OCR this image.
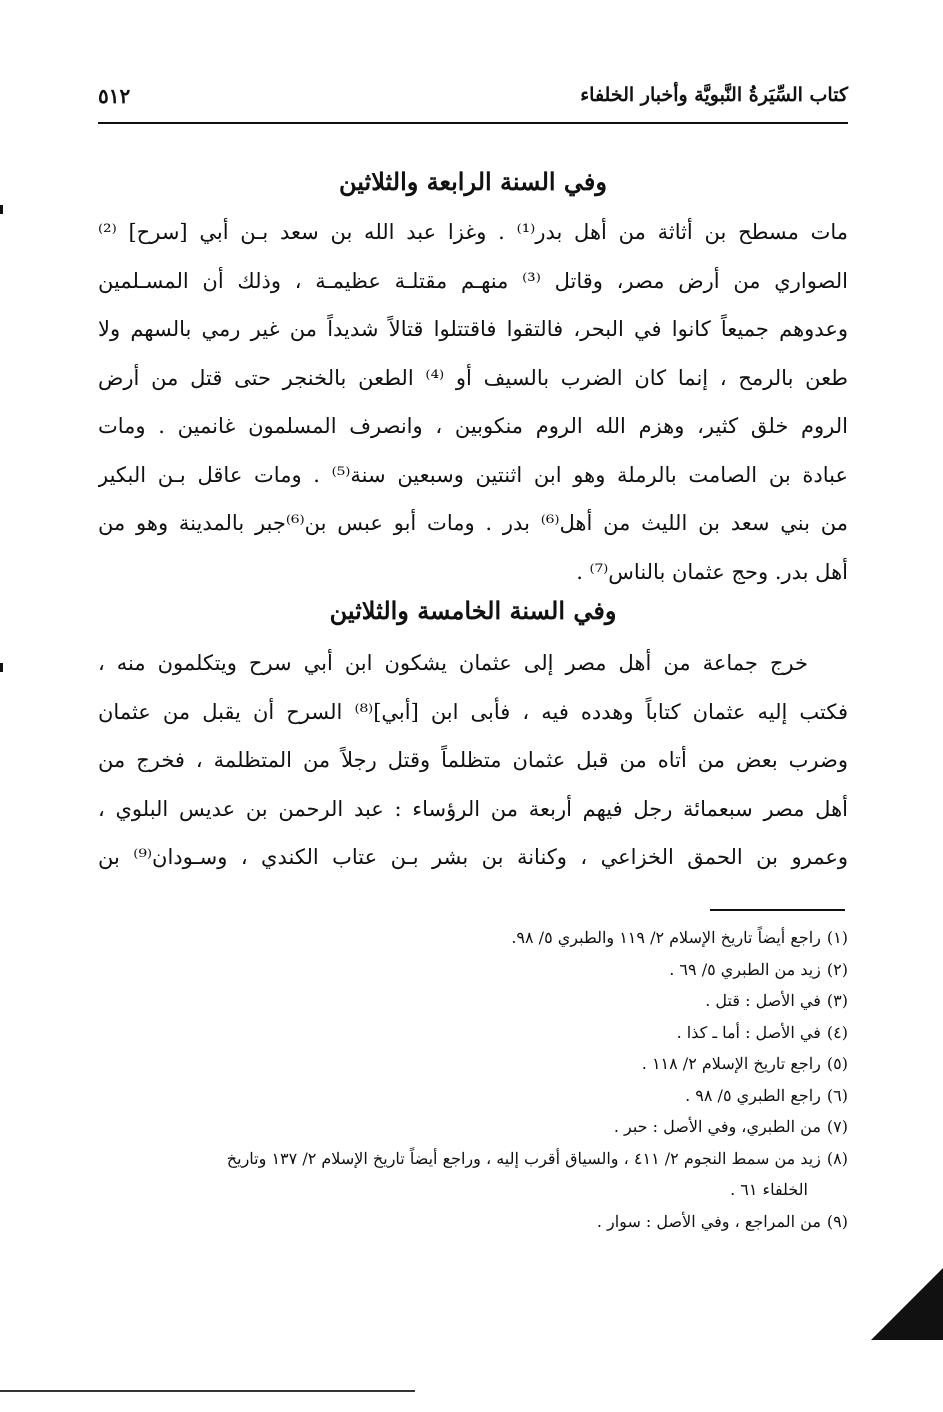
كتاب السِّيَرةُ النَّبويَّة وأخبار الخلفاء
٥١٢
وفي السنة الرابعة والثلاثين
مات مسطح بن أثاثة من أهل بدر⁽¹⁾ . وغزا عبد الله بن سعد بـن أبي [سرح] ⁽²⁾
الصواري من أرض مصر، وقاتل ⁽³⁾ منهـم مقتلـة عظيمـة ، وذلك أن المسـلمين
وعدوهم جميعاً كانوا في البحر، فالتقوا فاقتتلوا قتالاً شديداً من غير رمي بالسهم ولا
طعن بالرمح ، إنما كان الضرب بالسيف أو ⁽⁴⁾ الطعن بالخنجر حتى قتل من أرض
الروم خلق كثير، وهزم الله الروم منكوبين ، وانصرف المسلمون غانمين . ومات
عبادة بن الصامت بالرملة وهو ابن اثنتين وسبعين سنة⁽⁵⁾ . ومات عاقل بـن البكير
من بني سعد بن الليث من أهل⁽⁶⁾ بدر . ومات أبو عبس بن⁽⁶⁾جبر بالمدينة وهو من
أهل بدر. وحج عثمان بالناس⁽⁷⁾ .
وفي السنة الخامسة والثلاثين
خرج جماعة من أهل مصر إلى عثمان يشكون ابن أبي سرح ويتكلمون منه ،
فكتب إليه عثمان كتاباً وهدده فيه ، فأبى ابن [أبي]⁽⁸⁾ السرح أن يقبل من عثمان
وضرب بعض من أتاه من قبل عثمان متظلماً وقتل رجلاً من المتظلمة ، فخرج من
أهل مصر سبعمائة رجل فيهم أربعة من الرؤساء : عبد الرحمن بن عديس البلوي ،
وعمرو بن الحمق الخزاعي ، وكنانة بن بشر بـن عتاب الكندي ، وسـودان⁽⁹⁾ بن
(١)راجع أيضاً تاريخ الإسلام ٢/ ١١٩ والطبري ٥/ ٩٨.
(٢)زيد من الطبري ٥/ ٦٩ .
(٣)في الأصل : قتل .
(٤)في الأصل : أما ـ كذا .
(٥)راجع تاريخ الإسلام ٢/ ١١٨ .
(٦)راجع الطبري ٥/ ٩٨ .
(٧)من الطبري، وفي الأصل : حبر .
(٨)زيد من سمط النجوم ٢/ ٤١١ ، والسياق أقرب إليه ، وراجع أيضاً تاريخ الإسلام ٢/ ١٣٧ وتاريخ
الخلفاء ٦١ .
(٩)من المراجع ، وفي الأصل : سوار .
